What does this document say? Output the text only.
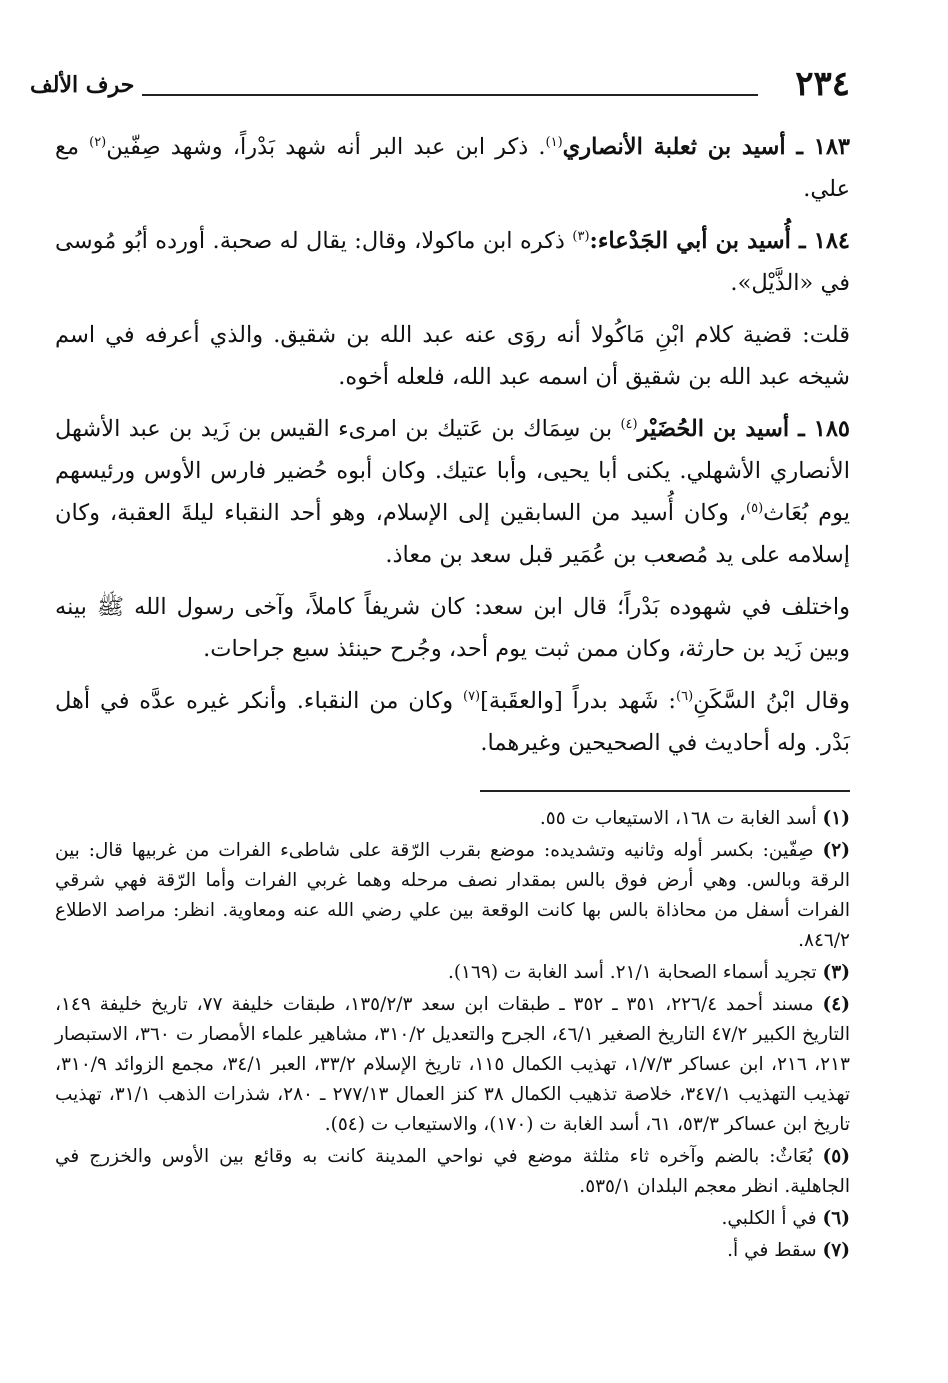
٢٣٤
حرف الألف

١٨٣ ـ أسيد بن ثعلبة الأنصاري$^{(١)}$. ذكر ابن عبد البر أنه شهد بَدْراً، وشهد صِفّين$^{(٢)}$ مع علي.

١٨٤ ـ أُسيد بن أبي الجَدْعاء:$^{(٣)}$ ذكره ابن ماكولا، وقال: يقال له صحبة. أورده أبُو مُوسى في «الذَّيْل».

قلت: قضية كلام ابْنِ مَاكُولا أنه روَى عنه عبد الله بن شقيق. والذي أعرفه في اسم شيخه عبد الله بن شقيق أن اسمه عبد الله، فلعله أخوه.

١٨٥ ـ أسيد بن الحُضَيْر$^{(٤)}$ بن سِمَاك بن عَتيك بن امرىء القيس بن زَيد بن عبد الأشهل الأنصاري الأشهلي. يكنى أبا يحيى، وأبا عتيك. وكان أبوه حُضير فارس الأوس ورئيسهم يوم بُعَاث$^{(٥)}$، وكان أُسيد من السابقين إلى الإسلام، وهو أحد النقباء ليلةَ العقبة، وكان إسلامه على يد مُصعب بن عُمَير قبل سعد بن معاذ.

واختلف في شهوده بَدْراً؛ قال ابن سعد: كان شريفاً كاملاً، وآخى رسول الله ﷺ بينه وبين زَيد بن حارثة، وكان ممن ثبت يوم أحد، وجُرح حينئذ سبع جراحات.

وقال ابْنُ السَّكَنِ$^{(٦)}$: شَهد بدراً [والعقَبة]$^{(٧)}$ وكان من النقباء. وأنكر غيره عدَّه في أهل بَدْر. وله أحاديث في الصحيحين وغيرهما.

(١) أسد الغابة ت ١٦٨، الاستيعاب ت ٥٥.

(٢) صِفّين: بكسر أوله وثانيه وتشديده: موضع بقرب الرّقة على شاطىء الفرات من غربيها قال: بين الرقة وبالس. وهي أرض فوق بالس بمقدار نصف مرحله وهما غربي الفرات وأما الرّقة فهي شرقي الفرات أسفل من محاذاة بالس بها كانت الوقعة بين علي رضي الله عنه ومعاوية. انظر: مراصد الاطلاع ٨٤٦/٢.

(٣) تجريد أسماء الصحابة ٢١/١. أسد الغابة ت (١٦٩).

(٤) مسند أحمد ٢٢٦/٤، ٣٥١ ـ ٣٥٢ ـ طبقات ابن سعد ١٣٥/٢/٣، طبقات خليفة ٧٧، تاريخ خليفة ١٤٩، التاريخ الكبير ٤٧/٢ التاريخ الصغير ٤٦/١، الجرح والتعديل ٣١٠/٢، مشاهير علماء الأمصار ت ٣٦٠، الاستبصار ٢١٣، ٢١٦، ابن عساكر ١/٧/٣، تهذيب الكمال ١١٥، تاريخ الإسلام ٣٣/٢، العبر ٣٤/١، مجمع الزوائد ٣١٠/٩، تهذيب التهذيب ٣٤٧/١، خلاصة تذهيب الكمال ٣٨ كنز العمال ٢٧٧/١٣ ـ ٢٨٠، شذرات الذهب ٣١/١، تهذيب تاريخ ابن عساكر ٥٣/٣، ٦١، أسد الغابة ت (١٧٠)، والاستيعاب ت (٥٤).

(٥) بُعَاثٌ: بالضم وآخره ثاء مثلثة موضع في نواحي المدينة كانت به وقائع بين الأوس والخزرج في الجاهلية. انظر معجم البلدان ٥٣٥/١.

(٦) في أ الكلبي.

(٧) سقط في أ.
